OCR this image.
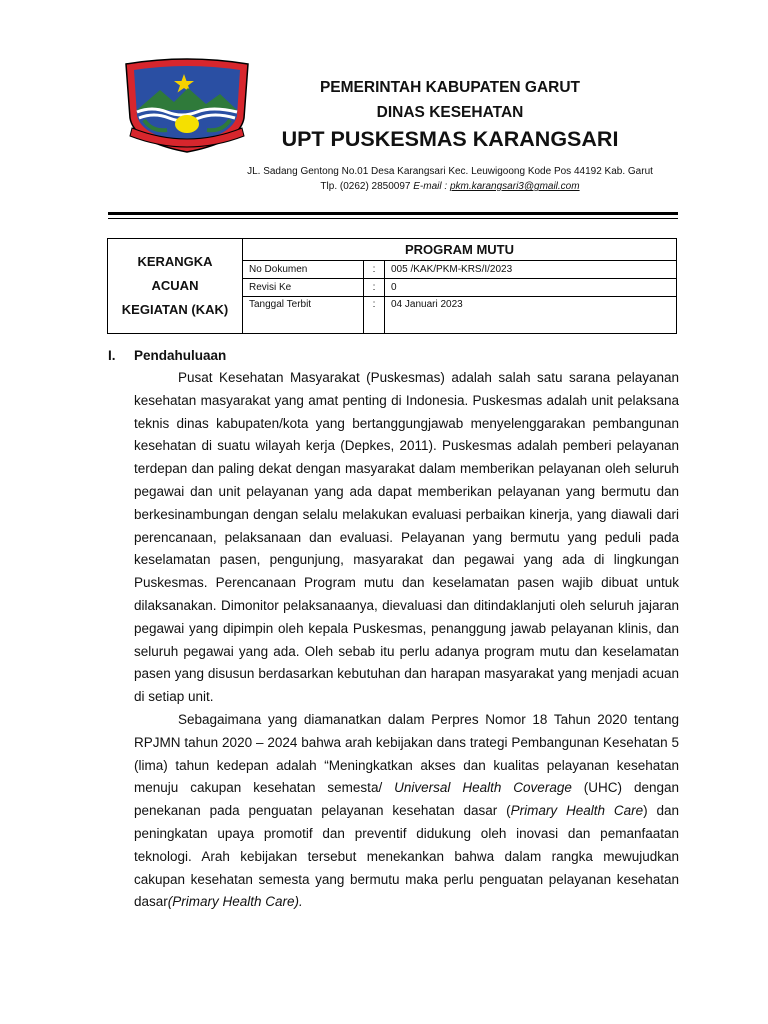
PEMERINTAH KABUPATEN GARUT
DINAS KESEHATAN
UPT PUSKESMAS KARANGSARI
JL. Sadang Gentong No.01 Desa Karangsari Kec. Leuwigoong Kode Pos 44192 Kab. Garut
Tlp. (0262) 2850097 E-mail : pkm.karangsari3@gmail.com
KERANGKA
ACUAN
KEGIATAN (KAK)	PROGRAM MUTU		
	No Dokumen	:	005 /KAK/PKM-KRS/I/2023
	Revisi Ke	:	0
	Tanggal Terbit	:	04 Januari 2023
I. Pendahuluaan

Pusat Kesehatan Masyarakat (Puskesmas) adalah salah satu sarana pelayanan kesehatan masyarakat yang amat penting di Indonesia. Puskesmas adalah unit pelaksana teknis dinas kabupaten/kota yang bertanggungjawab menyelenggarakan pembangunan kesehatan di suatu wilayah kerja (Depkes, 2011). Puskesmas adalah pemberi pelayanan terdepan dan paling dekat dengan masyarakat dalam memberikan pelayanan oleh seluruh pegawai dan unit pelayanan yang ada dapat memberikan pelayanan yang bermutu dan berkesinambungan dengan selalu melakukan evaluasi perbaikan kinerja, yang diawali dari perencanaan, pelaksanaan dan evaluasi. Pelayanan yang bermutu yang peduli pada keselamatan pasen, pengunjung, masyarakat dan pegawai yang ada di lingkungan Puskesmas. Perencanaan Program mutu dan keselamatan pasen wajib dibuat untuk dilaksanakan. Dimonitor pelaksanaanya, dievaluasi dan ditindaklanjuti oleh seluruh jajaran pegawai yang dipimpin oleh kepala Puskesmas, penanggung jawab pelayanan klinis, dan seluruh pegawai yang ada. Oleh sebab itu perlu adanya program mutu dan keselamatan pasen yang disusun berdasarkan kebutuhan dan harapan masyarakat yang menjadi acuan di setiap unit.

Sebagaimana yang diamanatkan dalam Perpres Nomor 18 Tahun 2020 tentang RPJMN tahun 2020 – 2024 bahwa arah kebijakan dans trategi Pembangunan Kesehatan 5 (lima) tahun kedepan adalah “Meningkatkan akses dan kualitas pelayanan kesehatan menuju cakupan kesehatan semesta/ Universal Health Coverage (UHC) dengan penekanan pada penguatan pelayanan kesehatan dasar (Primary Health Care) dan peningkatan upaya promotif dan preventif didukung oleh inovasi dan pemanfaatan teknologi. Arah kebijakan tersebut menekankan bahwa dalam rangka mewujudkan cakupan kesehatan semesta yang bermutu maka perlu penguatan pelayanan kesehatan dasar(Primary Health Care).
